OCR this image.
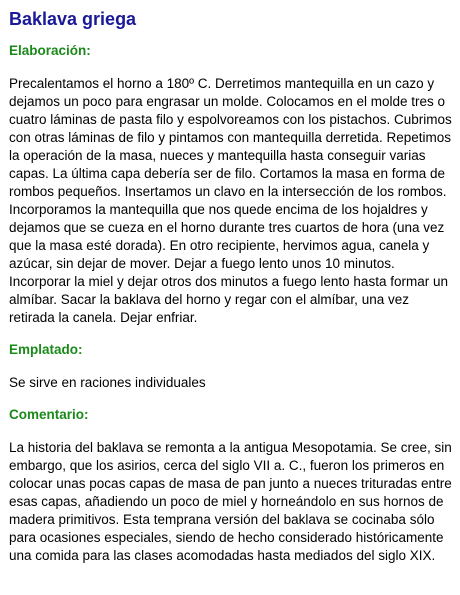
Baklava griega
Elaboración:

Precalentamos el horno a 180º C. Derretimos mantequilla en un cazo y dejamos un poco para engrasar un molde. Colocamos en el molde tres o cuatro láminas de pasta filo y espolvoreamos con los pistachos. Cubrimos con otras láminas de filo y pintamos con mantequilla derretida. Repetimos la operación de la masa, nueces y mantequilla hasta conseguir varias capas. La última capa debería ser de filo. Cortamos la masa en forma de rombos pequeños. Insertamos un clavo en la intersección de los rombos. Incorporamos la mantequilla que nos quede encima de los hojaldres y dejamos que se cueza en el horno durante tres cuartos de hora (una vez que la masa esté dorada). En otro recipiente, hervimos agua, canela y azúcar, sin dejar de mover. Dejar a fuego lento unos 10 minutos. Incorporar la miel y dejar otros dos minutos a fuego lento hasta formar un almíbar. Sacar la baklava del horno y regar con el almíbar, una vez retirada la canela. Dejar enfriar.

Emplatado:

Se sirve en raciones individuales

Comentario:

La historia del baklava se remonta a la antigua Mesopotamia. Se cree, sin embargo, que los asirios, cerca del siglo VII a. C., fueron los primeros en colocar unas pocas capas de masa de pan junto a nueces trituradas entre esas capas, añadiendo un poco de miel y horneándolo en sus hornos de madera primitivos. Esta temprana versión del baklava se cocinaba sólo para ocasiones especiales, siendo de hecho considerado históricamente una comida para las clases acomodadas hasta mediados del siglo XIX.
